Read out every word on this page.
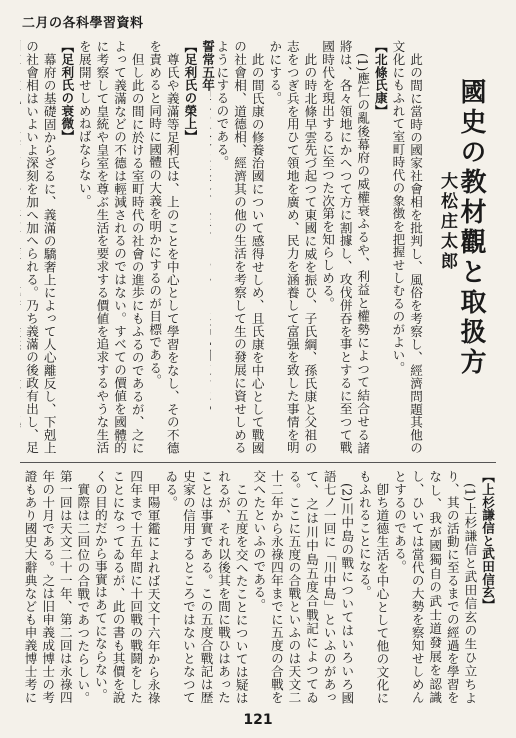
二月の各科學習資料
國史の教材觀と取扱方
大松庄太郎

此の間に當時の國家社會相を批判し、風俗を考察し、經濟問題其他の文化にもふれて室町時代の象徴を把握せしむるのがよい。

【北條氏康】

(1)應仁の亂後幕府の威權衰ふるや、利益と權勢によつて結合せる諸將は、各々領地にかへつて方に割據し、攻伐併吞を事とするに至つて戰國時代を現出するに至つた次第を知らしめる。

此の時北條早雲先づ起つて東國に威を振ひ、子氏綱、孫氏康と父祖の志をつぎ兵を用ひて領地を廣め、民力を涵養して富强を致した事情を明かにする。

此の間氏康の修養治國について感得せしめ、且氏康を中心として戰國の社會相、道德相、經濟其の他の生活を考察して生の發展に資せしめるようにするのである。

誓常五年

【足利氏の榮上】

尊氏や義滿等足利氏は、上のことを中心として學習をなし、その不德を責めると同時に國體の大義を明かにするのが目標である。

但し此の間に於ける室町時代の社會の進歩にもふるのであるが、之によって義滿などの不德は輕減されるのではない。すべての價値を國體的に考察して皇統や皇室を尊ぶ生活を要求する價値を追求するやうな生活を展開せしめねばならない。

【足利氏の衰微】

幕府の基礎固からざるに、義滿の驕奢上によって人心離反し、下剋上の社會相はいよいよ深刻を加へ加へられる。乃ち義滿の後政有出し、足

【上杉謙信と武田信玄】

(1)上杉謙信と武田信玄の生ひ立ちより、其の活動に至るまでの經過を學習をなし、我が國獨自の武士道發展を認識し、ひいては當代の大勢を察知せしめんとするのである。

卽ち道德生活を中心として他の文化にもふれることになる。

(2)川中島の戰についてはいろいろ國語七ノ一回に「川中島」といふのがあって、之は川中島五度合戰記によつてゐる。ここに五度の合戰といふのは天文二十二年から永祿四年までに五度の合戰を交へたといふのである。

この五度を交へたことについては疑はれるが、それ以後其を間に戰ひはあったことは事實である。この五度合戰記は歴史家の信用するところではないとなつてゐる。

甲陽軍鑑によれば天文十六年から永祿四年まで十五年間に十回戰の戰鬪をしたことになってゐるが、此の書も其價を說くの目的だから事實はあてにならない。

實際は二回位の合戰であつたらしい。第一回は天文二十一年、第二回は永祿四年の十月である。之は旧申義成博士の考證もあり國史大辭典なども申義博士考に

121
